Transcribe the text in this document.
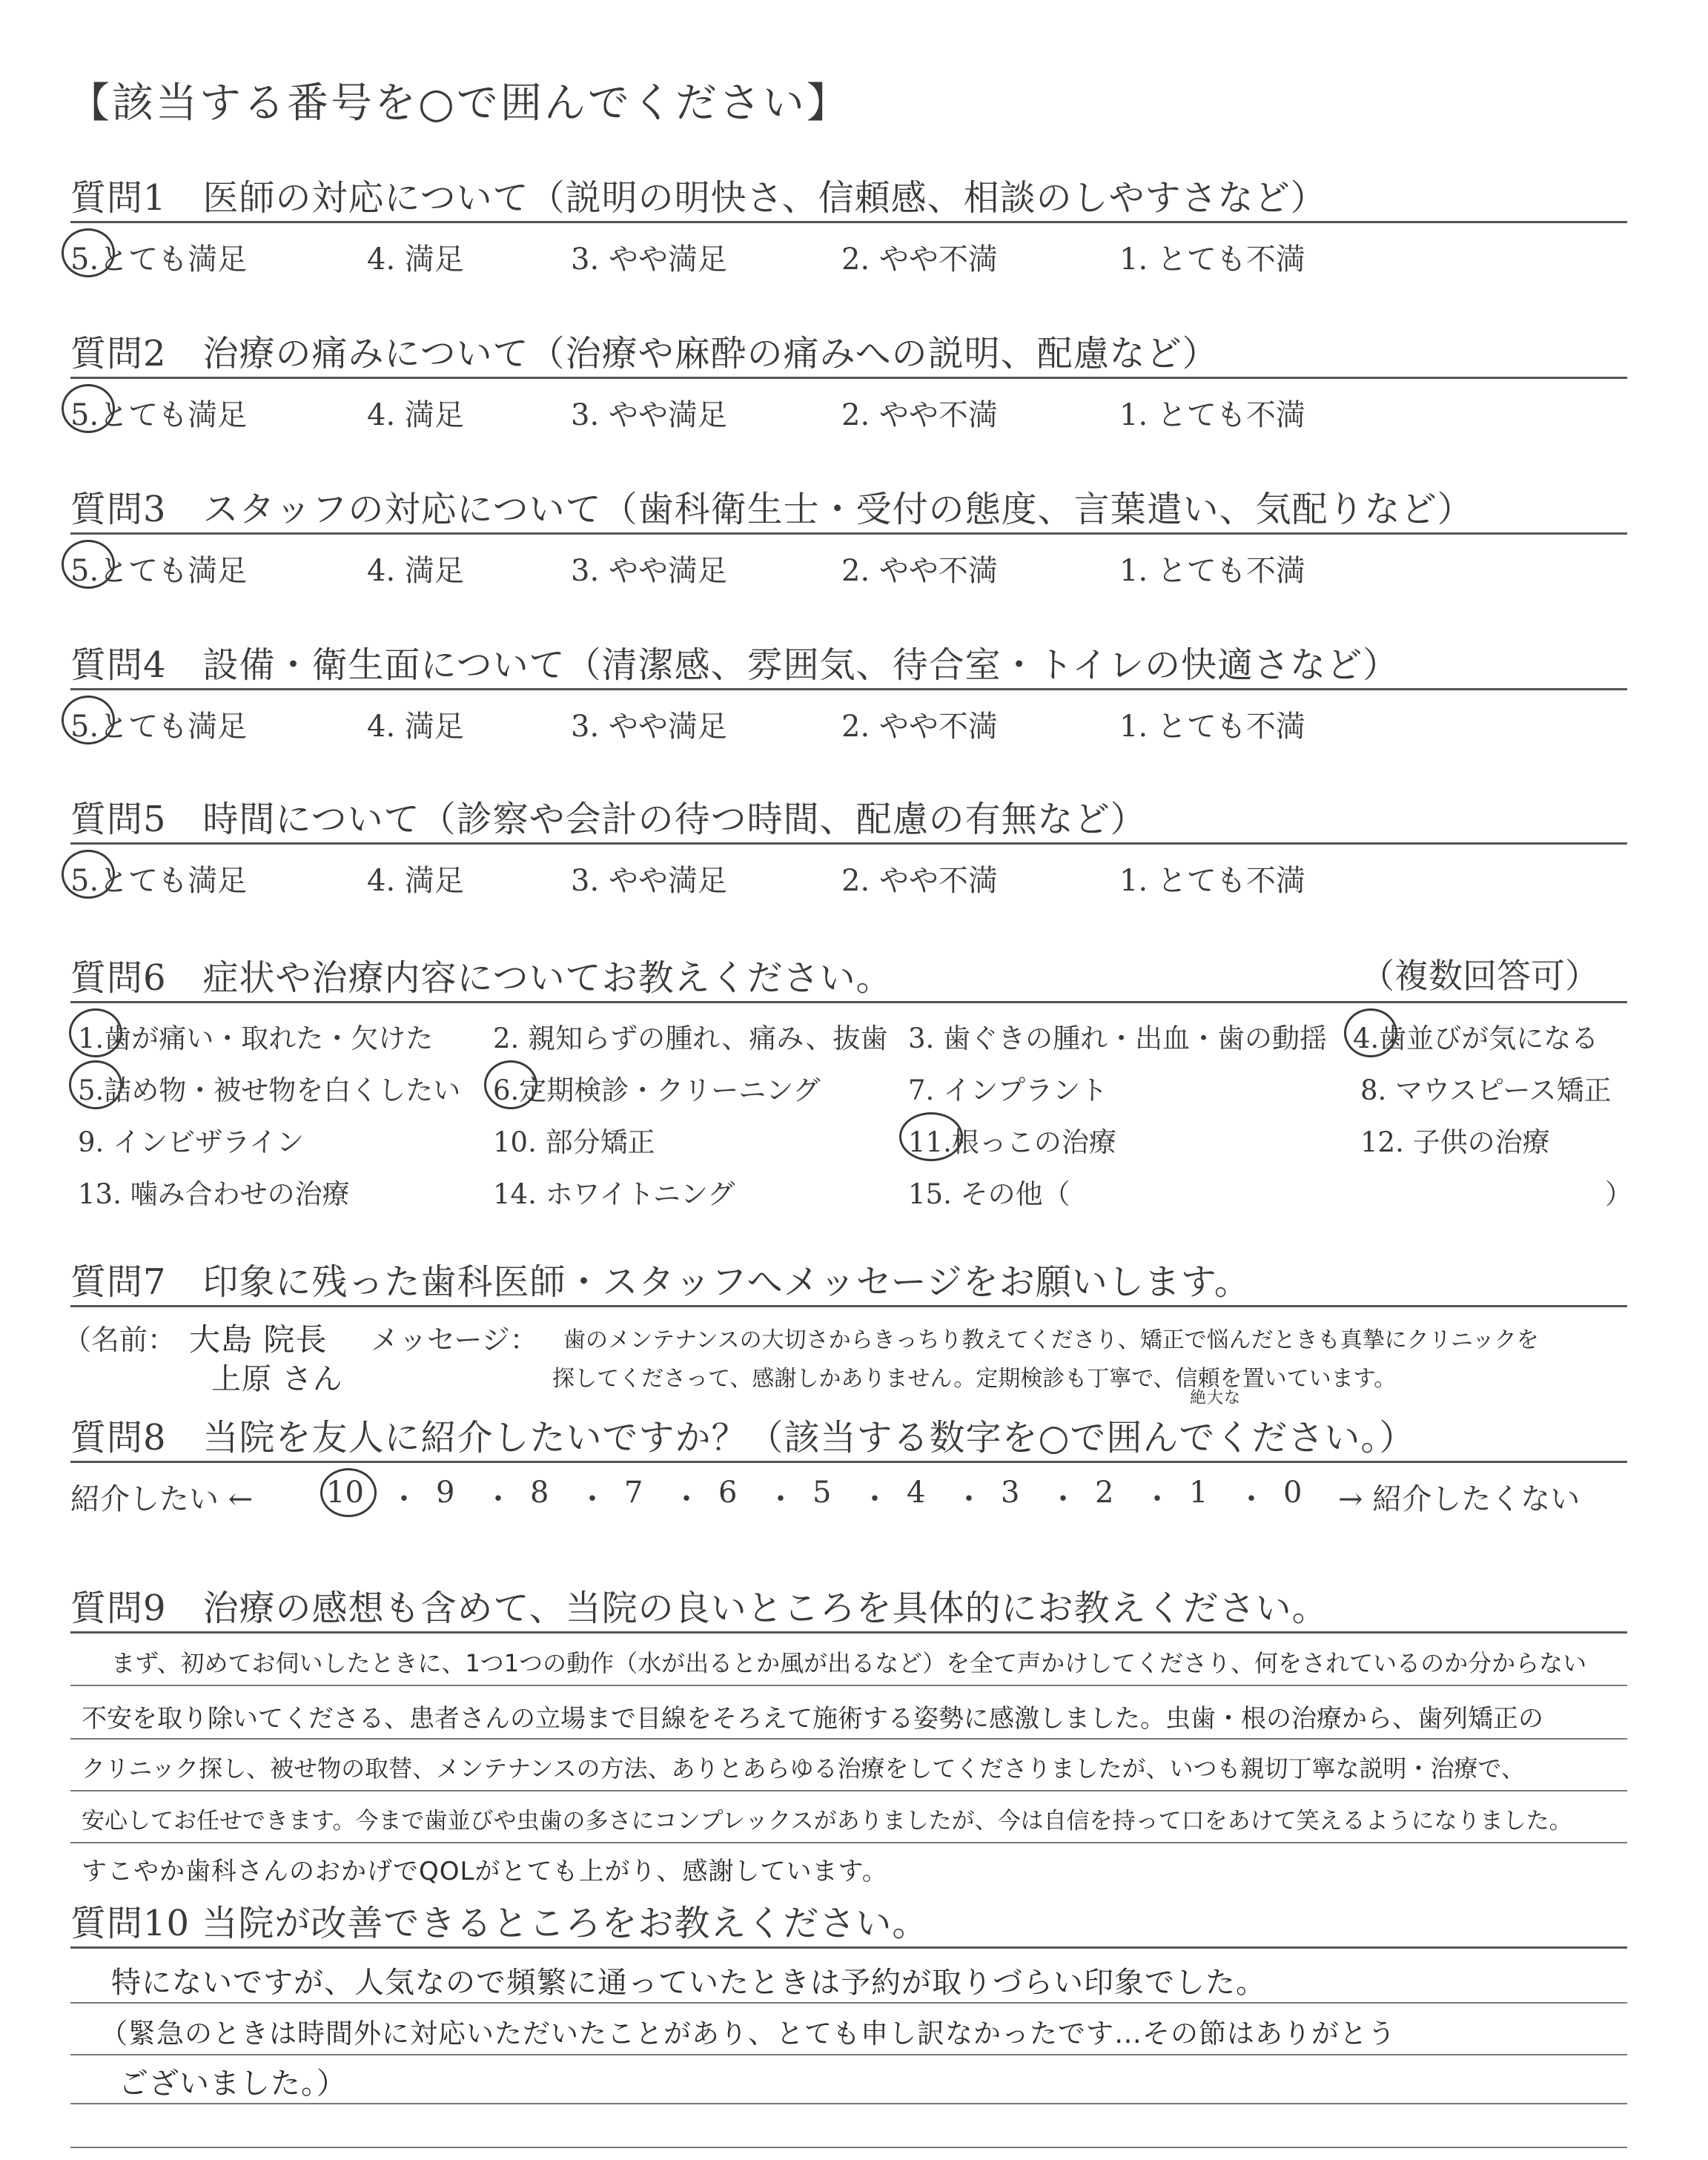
【該当する番号を○で囲んでください】
質問1　医師の対応について（説明の明快さ、信頼感、相談のしやすさなど）
5.とても満足	4. 満足	3. やや満足	2. やや不満	1. とても不満
質問2　治療の痛みについて（治療や麻酔の痛みへの説明、配慮など）
5.とても満足	4. 満足	3. やや満足	2. やや不満	1. とても不満
質問3　スタッフの対応について（歯科衛生士・受付の態度、言葉遣い、気配りなど）
5.とても満足	4. 満足	3. やや満足	2. やや不満	1. とても不満
質問4　設備・衛生面について（清潔感、雰囲気、待合室・トイレの快適さなど）
5.とても満足	4. 満足	3. やや満足	2. やや不満	1. とても不満
質問5　時間について（診察や会計の待つ時間、配慮の有無など）
5.とても満足	4. 満足	3. やや満足	2. やや不満	1. とても不満
質問6　症状や治療内容についてお教えください。	（複数回答可）
1.歯が痛い・取れた・欠けた 2. 親知らずの腫れ、痛み、抜歯 3. 歯ぐきの腫れ・出血・歯の動揺 4.歯並びが気になる
5.詰め物・被せ物を白くしたい 6.定期検診・クリーニング	7. インプラント	8. マウスピース矯正
9. インビザライン	10. 部分矯正	11.根っこの治療	12. 子供の治療
13. 噛み合わせの治療	14. ホワイトニング	15. その他（	）
質問7　印象に残った歯科医師・スタッフへメッセージをお願いします。
（名前： 大島 院長
上原 さん
メッセージ： 歯のメンテナンスの大切さからきっちり教えてくださり、矯正で悩んだときも真摯にクリニックを
探してくださって、感謝しかありません。定期検診も丁寧で、信頼を置いています。
絶大な
質問8　当院を友人に紹介したいですか？（該当する数字を○で囲んでください。）
紹介したい ←	→ 紹介したくない
10 ・ 9 ・ 8 ・ 7 ・ 6 ・ 5 ・ 4 ・ 3 ・ 2 ・ 1 ・ 0
質問9　治療の感想も含めて、当院の良いところを具体的にお教えください。
まず、初めてお伺いしたときに、1つ1つの動作（水が出るとか風が出るなど）を全て声かけしてくださり、何をされているのか分からない
不安を取り除いてくださる、患者さんの立場まで目線をそろえて施術する姿勢に感激しました。虫歯・根の治療から、歯列矯正の
クリニック探し、被せ物の取替、メンテナンスの方法、ありとあらゆる治療をしてくださりましたが、いつも親切丁寧な説明・治療で、
安心してお任せできます。今まで歯並びや虫歯の多さにコンプレックスがありましたが、今は自信を持って口をあけて笑えるようになりました。
すこやか歯科さんのおかげでQOLがとても上がり、感謝しています。
質問10 当院が改善できるところをお教えください。
特にないですが、人気なので頻繁に通っていたときは予約が取りづらい印象でした。
（緊急のときは時間外に対応いただいたことがあり、とても申し訳なかったです…その節はありがとう
ございました。）
